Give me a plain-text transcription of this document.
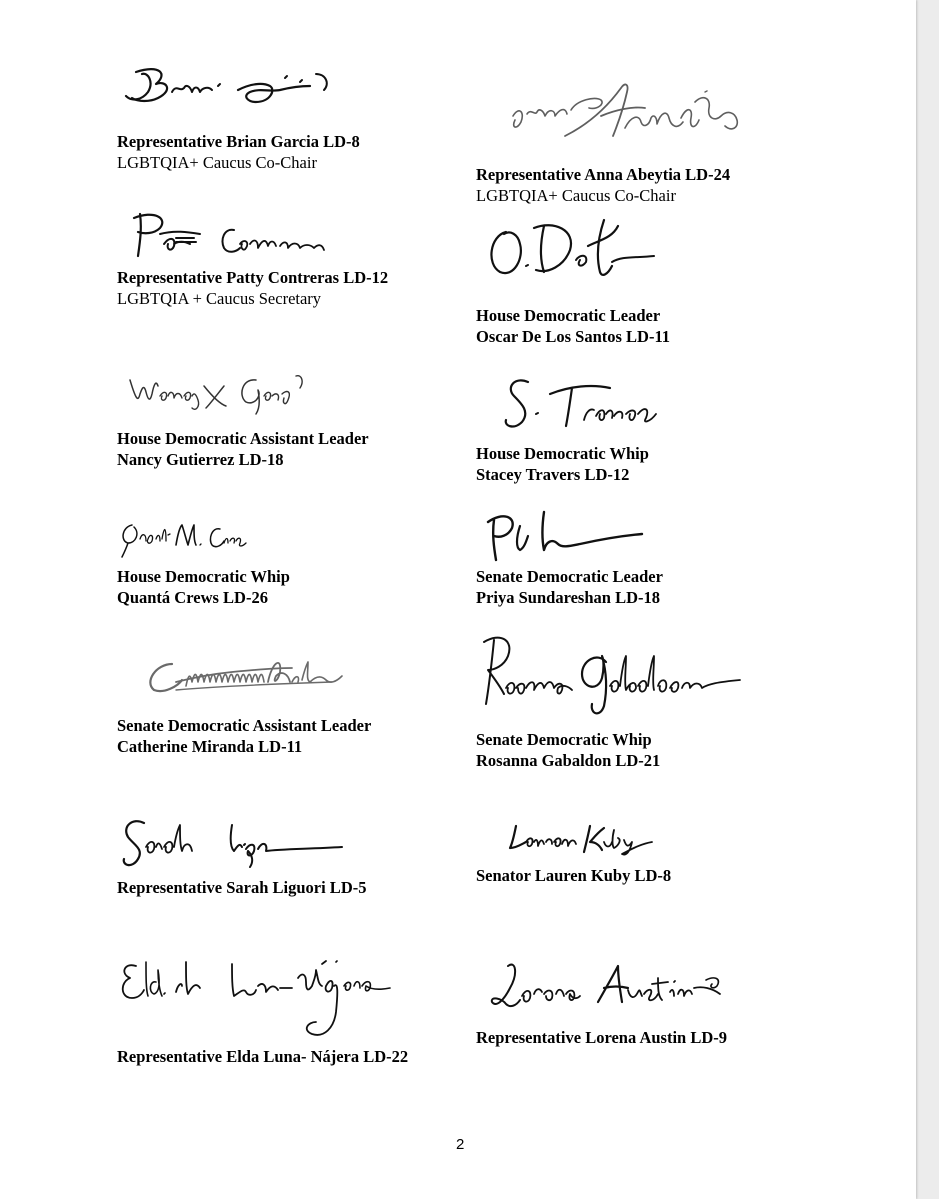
Representative Brian Garcia LD-8
LGBTQIA+ Caucus Co-Chair
Representative Anna Abeytia LD-24
LGBTQIA+ Caucus Co-Chair
Representative Patty Contreras LD-12
LGBTQIA + Caucus Secretary
House Democratic Leader
Oscar De Los Santos LD-11
House Democratic Assistant Leader
Nancy Gutierrez LD-18	House Democratic Whip
Stacey Travers LD-12
House Democratic Whip
Quantá Crews LD-26
Senate Democratic Leader
Priya Sundareshan LD-18
Senate Democratic Assistant Leader
Catherine Miranda LD-11	Senate Democratic Whip
Rosanna Gabaldon LD-21
Representative Sarah Liguori LD-5
Senator Lauren Kuby LD-8
Representative Elda Luna- Nájera LD-22
Representative Lorena Austin LD-9
2
